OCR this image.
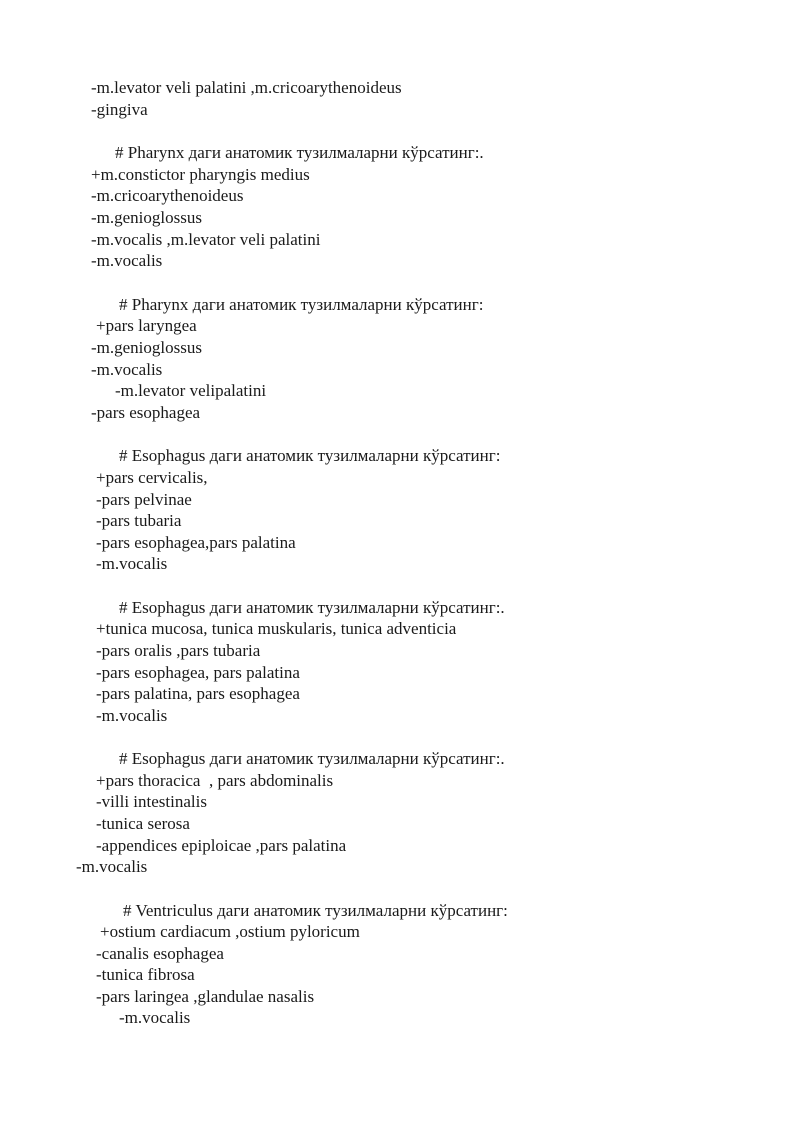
-m.levator veli palatini ,m.cricoarythenoideus
-gingiva
# Pharynx даги анатомик тузилмаларни кўрсатинг:.
+m.constictor pharyngis medius
-m.cricoarythenoideus
-m.genioglossus
-m.vocalis ,m.levator veli palatini
-m.vocalis
# Pharynx даги анатомик тузилмаларни кўрсатинг:
+pars laryngea
-m.genioglossus
-m.vocalis
-m.levator velipalatini
-pars esophagea
# Esophagus даги анатомик тузилмаларни кўрсатинг:
+pars cervicalis,
-pars pelvinae
-pars tubaria
-pars esophagea,pars palatina
-m.vocalis
# Esophagus даги анатомик тузилмаларни кўрсатинг:.
+tunica mucosa, tunica muskularis, tunica adventicia
-pars oralis ,pars tubaria
-pars esophagea, pars palatina
-pars palatina, pars esophagea
-m.vocalis
# Esophagus даги анатомик тузилмаларни кўрсатинг:.
+pars thoracica  , pars abdominalis
-villi intestinalis
-tunica serosa
-appendices epiploicae ,pars palatina
-m.vocalis
# Ventriculus даги анатомик тузилмаларни кўрсатинг:
+ostium cardiacum ,ostium pyloricum
-canalis esophagea
-tunica fibrosa
-pars laringea ,glandulae nasalis
-m.vocalis
